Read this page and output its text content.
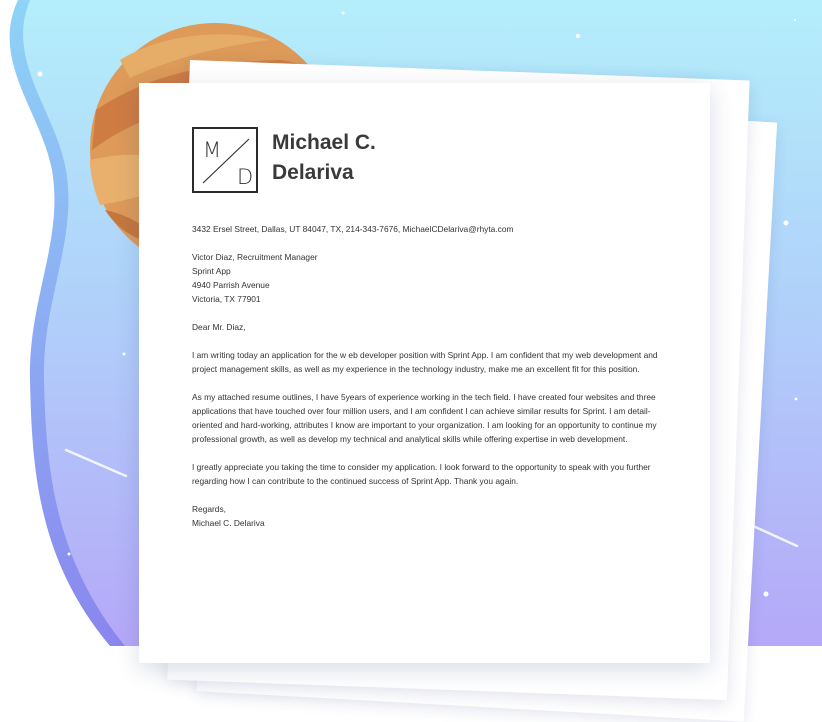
M
D
Michael C.
Delariva

3432 Ersel Street, Dallas, UT 84047, TX, 214-343-7676, MichaelCDelariva@rhyta.com

Victor Diaz, Recruitment Manager
Sprint App
4940 Parrish Avenue
Victoria, TX 77901

Dear Mr. Diaz,

I am writing today an application for the w eb developer position with Sprint App. I am confident that my web development and project management skills, as well as my experience in the technology industry, make me an excellent fit for this position.

As my attached resume outlines, I have 5years of experience working in the tech field. I have created four websites and three applications that have touched over four million users, and I am confident I can achieve similar results for Sprint. I am detail-oriented and hard-working, attributes I know are important to your organization. I am looking for an opportunity to continue my professional growth, as well as develop my technical and analytical skills while offering expertise in web development.

I greatly appreciate you taking the time to consider my application. I look forward to the opportunity to speak with you further regarding how I can contribute to the continued success of Sprint App. Thank you again.

Regards,
Michael C. Delariva
